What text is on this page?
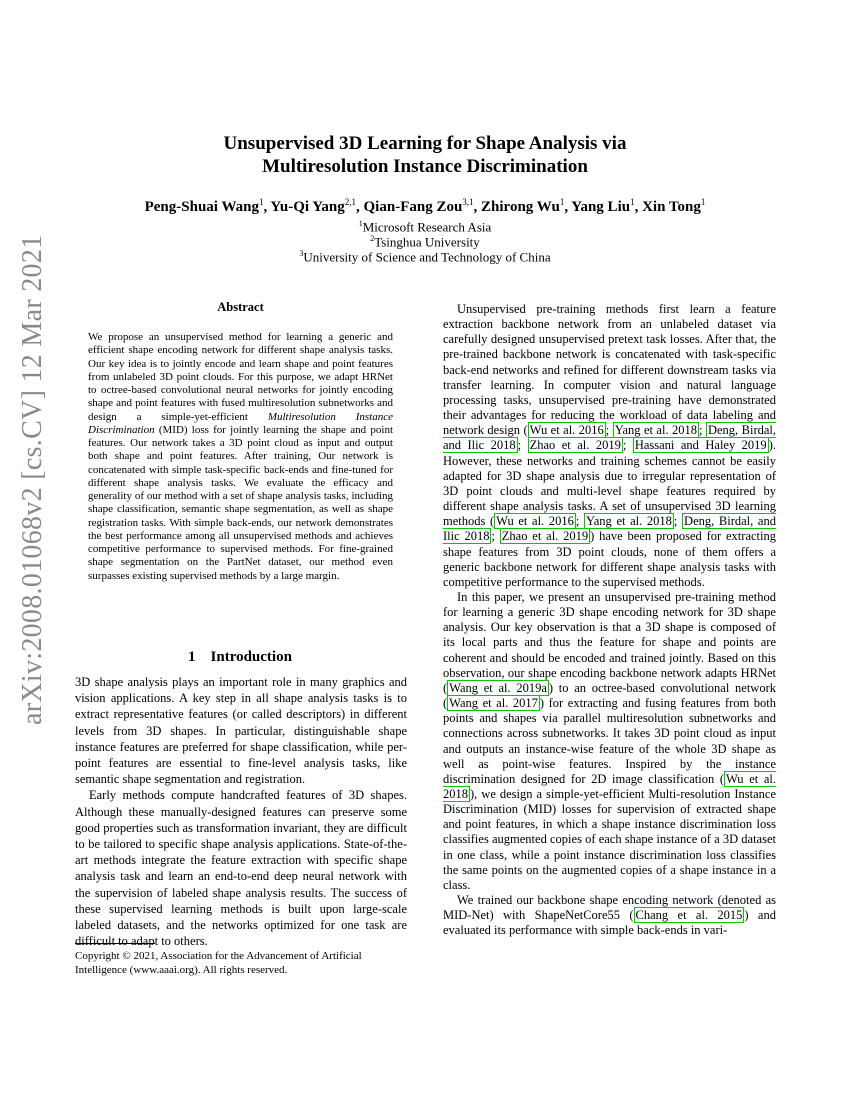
arXiv:2008.01068v2 [cs.CV] 12 Mar 2021
Unsupervised 3D Learning for Shape Analysis via
Multiresolution Instance Discrimination
Peng-Shuai Wang$^1$, Yu-Qi Yang$^{2,1}$, Qian-Fang Zou$^{3,1}$, Zhirong Wu$^1$, Yang Liu$^1$, Xin Tong$^1$
$^1$Microsoft Research Asia
$^2$Tsinghua University
$^3$University of Science and Technology of China
Abstract
We propose an unsupervised method for learning a generic and efficient shape encoding network for different shape analysis tasks. Our key idea is to jointly encode and learn shape and point features from unlabeled 3D point clouds. For this purpose, we adapt HRNet to octree-based convolutional neural networks for jointly encoding shape and point features with fused multiresolution subnetworks and design a simple-yet-efficient Multiresolution Instance Discrimination (MID) loss for jointly learning the shape and point features. Our network takes a 3D point cloud as input and output both shape and point features. After training, Our network is concatenated with simple task-specific back-ends and fine-tuned for different shape analysis tasks. We evaluate the efficacy and generality of our method with a set of shape analysis tasks, including shape classification, semantic shape segmentation, as well as shape registration tasks. With simple back-ends, our network demonstrates the best performance among all unsupervised methods and achieves competitive performance to supervised methods. For fine-grained shape segmentation on the PartNet dataset, our method even surpasses existing supervised methods by a large margin.
1 Introduction

3D shape analysis plays an important role in many graphics and vision applications. A key step in all shape analysis tasks is to extract representative features (or called descriptors) in different levels from 3D shapes. In particular, distinguishable shape instance features are preferred for shape classification, while per-point features are essential to fine-level analysis tasks, like semantic shape segmentation and registration.

Early methods compute handcrafted features of 3D shapes. Although these manually-designed features can preserve some good properties such as transformation invariant, they are difficult to be tailored to specific shape analysis applications. State-of-the-art methods integrate the feature extraction with specific shape analysis task and learn an end-to-end deep neural network with the supervision of labeled shape analysis results. The success of these supervised learning methods is built upon large-scale labeled datasets, and the networks optimized for one task are difficult to adapt to others.

Copyright © 2021, Association for the Advancement of Artificial Intelligence (www.aaai.org). All rights reserved.

Unsupervised pre-training methods first learn a feature extraction backbone network from an unlabeled dataset via carefully designed unsupervised pretext task losses. After that, the pre-trained backbone network is concatenated with task-specific back-end networks and refined for different downstream tasks via transfer learning. In computer vision and natural language processing tasks, unsupervised pre-training have demonstrated their advantages for reducing the workload of data labeling and network design ( Wu et al. 2016 ; Yang et al. 2018 ; Deng, Birdal, and Ilic 2018 ; Zhao et al. 2019 ; Hassani and Haley 2019 ). However, these networks and training schemes cannot be easily adapted for 3D shape analysis due to irregular representation of 3D point clouds and multi-level shape features required by different shape analysis tasks. A set of unsupervised 3D learning methods ( Wu et al. 2016 ; Yang et al. 2018 ; Deng, Birdal, and Ilic 2018 ; Zhao et al. 2019 ) have been proposed for extracting shape features from 3D point clouds, none of them offers a generic backbone network for different shape analysis tasks with competitive performance to the supervised methods.

In this paper, we present an unsupervised pre-training method for learning a generic 3D shape encoding network for 3D shape analysis. Our key observation is that a 3D shape is composed of its local parts and thus the feature for shape and points are coherent and should be encoded and trained jointly. Based on this observation, our shape encoding backbone network adapts HRNet ( Wang et al. 2019a ) to an octree-based convolutional network ( Wang et al. 2017 ) for extracting and fusing features from both points and shapes via parallel multiresolution subnetworks and connections across subnetworks. It takes 3D point cloud as input and outputs an instance-wise feature of the whole 3D shape as well as point-wise features. Inspired by the instance discrimination designed for 2D image classification ( Wu et al. 2018 ), we design a simple-yet-efficient Multi-resolution Instance Discrimination (MID) losses for supervision of extracted shape and point features, in which a shape instance discrimination loss classifies augmented copies of each shape instance of a 3D dataset in one class, while a point instance discrimination loss classifies the same points on the augmented copies of a shape instance in a class.

We trained our backbone shape encoding network (denoted as MID-Net) with ShapeNetCore55 ( Chang et al. 2015 ) and evaluated its performance with simple back-ends in vari-
